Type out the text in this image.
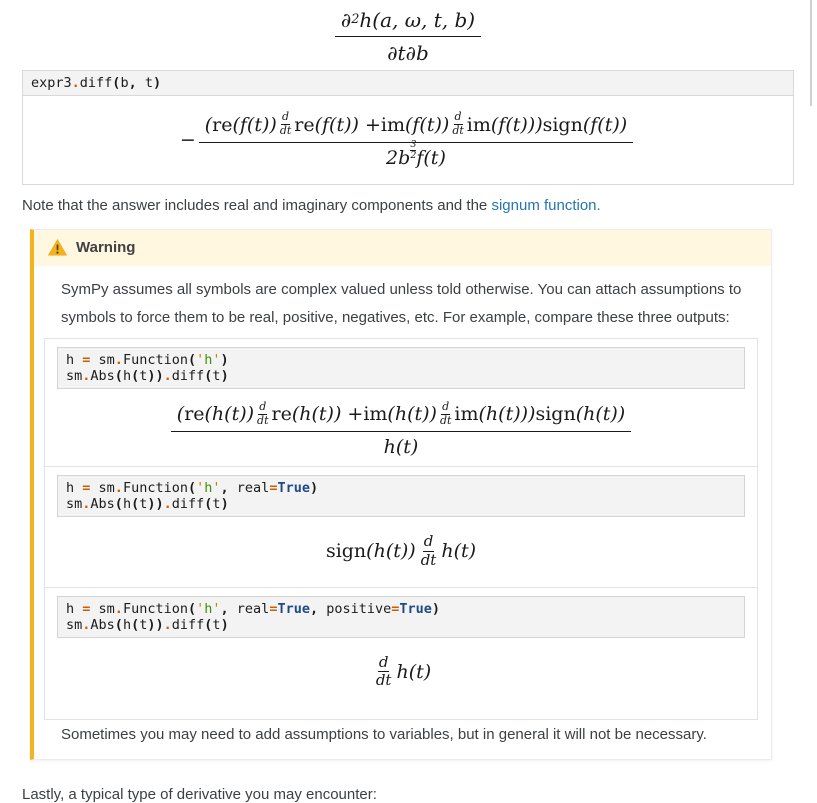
$\frac{\partial 2 h(a, \omega, t, b)}{\partial t\partial b}$
expr3.diff(b, t)
−
( re $(f(t)) \frac{d}{dt}$ re (f(t)) + im $(f(t)) \frac{d}{dt}$ im (f(t))) sign (f(t))
$2b \frac{3}{2} f(t)$

Note that the answer includes real and imaginary components and the signum function.

Warning

SymPy assumes all symbols are complex valued unless told otherwise. You can attach assumptions to symbols to force them to be real, positive, negatives, etc. For example, compare these three outputs:

h = sm.Function('h')
sm.Abs(h(t)).diff(t)
( re $(h(t)) \frac{d}{dt}$ re (h(t)) + im $(h(t)) \frac{d}{dt}$ im (h(t))) sign (h(t))
h(t)
h = sm.Function('h', real=True)
sm.Abs(h(t)).diff(t)
sign $(h(t)) \frac{d}{dt} h(t)$
h = sm.Function('h', real=True, positive=True)
sm.Abs(h(t)).diff(t)
$\frac{d}{dt} h(t)$

Sometimes you may need to add assumptions to variables, but in general it will not be necessary.

Lastly, a typical type of derivative you may encounter:
